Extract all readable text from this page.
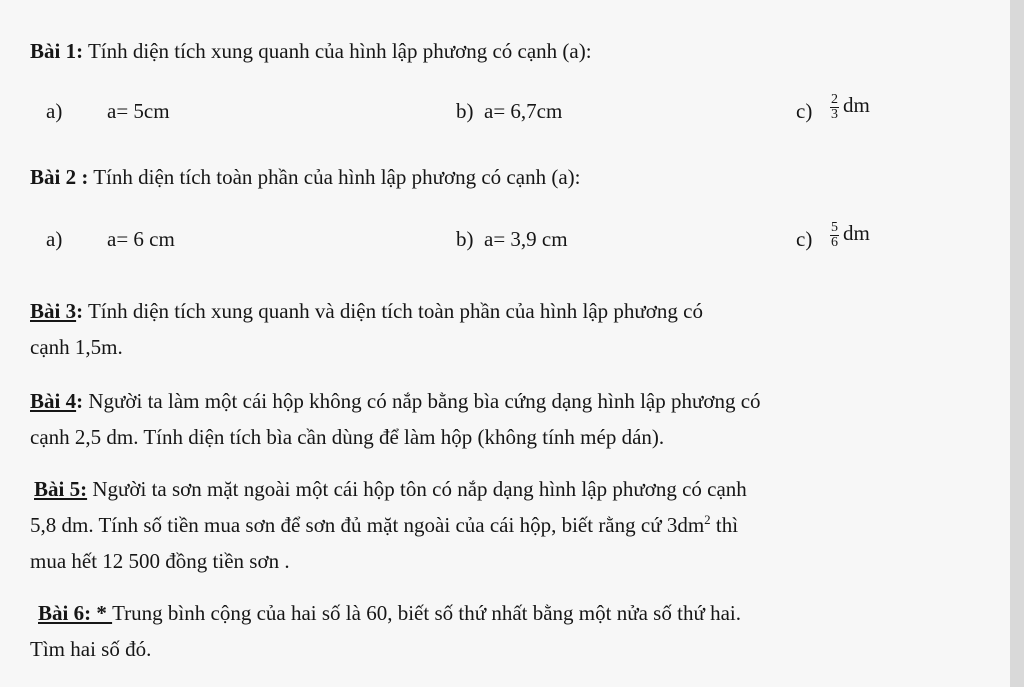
Bài 1: Tính diện tích xung quanh của hình lập phương có cạnh (a):
a) a= 5cm	b) a= 6,7cm	$c) \frac{2}{3}$ dm
Bài 2 : Tính diện tích toàn phần của hình lập phương có cạnh (a):
a) a= 6 cm	b) a= 3,9 cm	$c) \frac{5}{6}$ dm
Bài 3: Tính diện tích xung quanh và diện tích toàn phần của hình lập phương có
cạnh 1,5m.
Bài 4: Người ta làm một cái hộp không có nắp bằng bìa cứng dạng hình lập phương có
cạnh 2,5 dm. Tính diện tích bìa cần dùng để làm hộp (không tính mép dán).
Bài 5: Người ta sơn mặt ngoài một cái hộp tôn có nắp dạng hình lập phương có cạnh
5,8 dm. Tính số tiền mua sơn để sơn đủ mặt ngoài của cái hộp, biết rằng cứ $3dm^2$ thì
mua hết 12 500 đồng tiền sơn .
Bài 6: * Trung bình cộng của hai số là 60, biết số thứ nhất bằng một nửa số thứ hai.
Tìm hai số đó.
